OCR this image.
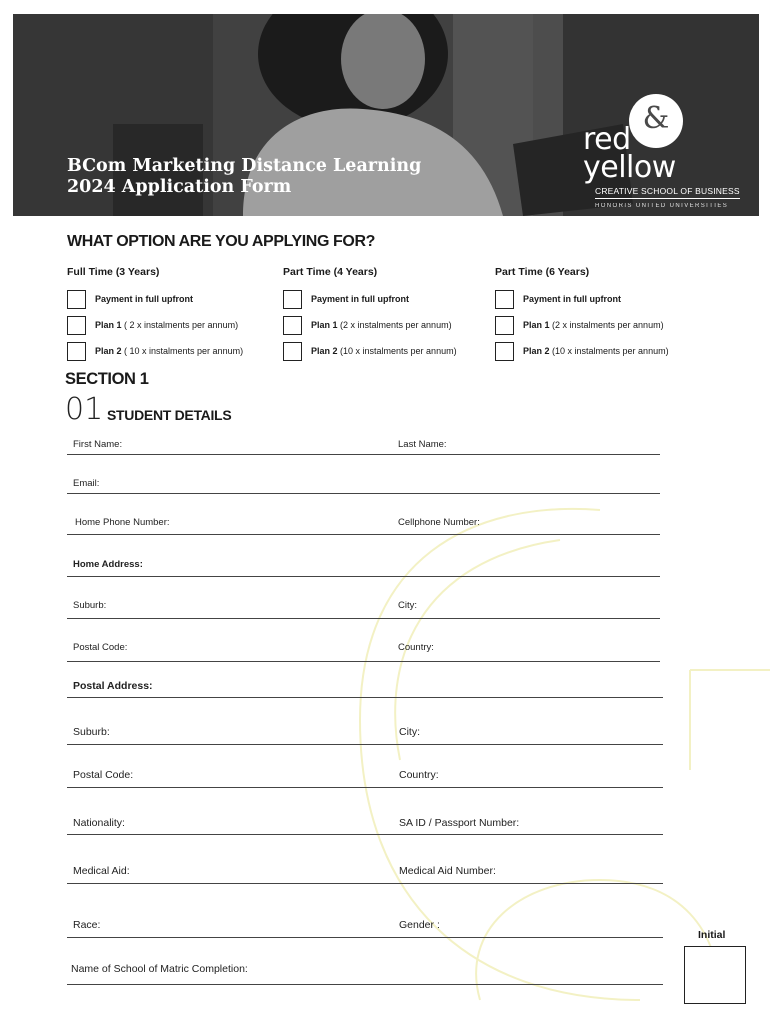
BCom Marketing Distance Learning
2024 Application Form
red
&
yellow
CREATIVE SCHOOL OF BUSINESS
HONORIS UNITED UNIVERSITIES
WHAT OPTION ARE YOU APPLYING FOR?
Full Time (3 Years)
Payment in full upfront
Plan 1 ( 2 x instalments per annum)
Plan 2 ( 10 x instalments per annum)
Part Time (4 Years)
Payment in full upfront
Plan 1 (2 x instalments per annum)
Plan 2 (10 x instalments per annum)
Part Time (6 Years)
Payment in full upfront
Plan 1 (2 x instalments per annum)
Plan 2 (10 x instalments per annum)
SECTION 1
01 STUDENT DETAILS
First Name:	Last Name:
Email:
Home Phone Number:	Cellphone Number:
Home Address:
Suburb:	City:
Postal Code:	Country:
Postal Address:
Suburb:	City:
Postal Code:	Country:
Nationality:	SA ID / Passport Number:
Medical Aid:	Medical Aid Number:
Race:	Gender :
Name of School of Matric Completion:
Initial
